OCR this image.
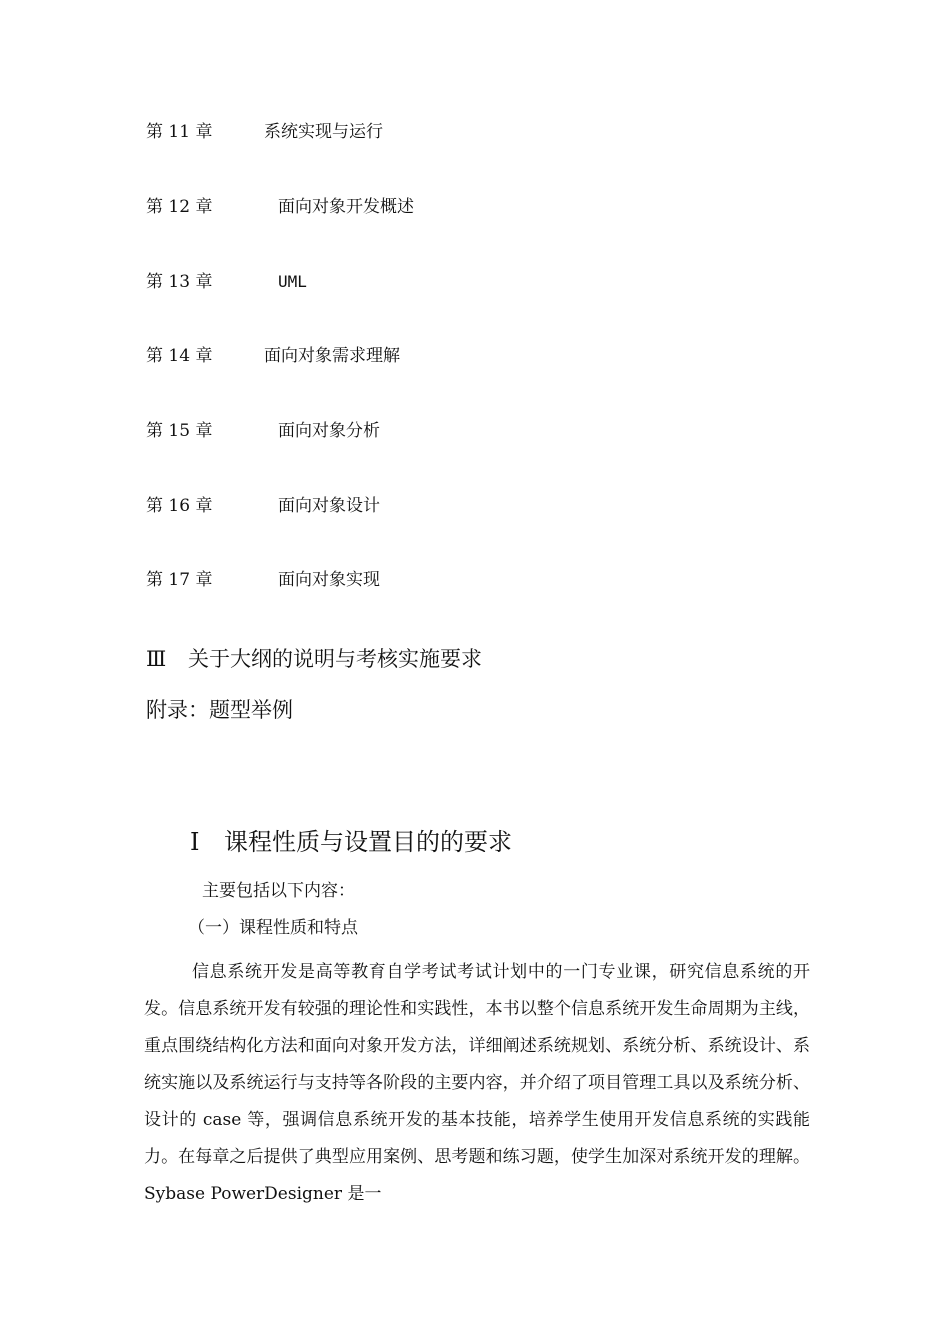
第 11 章	系统实现与运行
第 12 章	面向对象开发概述
第 13 章	UML
第 14 章	面向对象需求理解
第 15 章	面向对象分析
第 16 章	面向对象设计
第 17 章	面向对象实现
Ⅲ 关于大纲的说明与考核实施要求
附录：题型举例
Ⅰ 课程性质与设置目的的要求
主要包括以下内容：
（一）课程性质和特点

信息系统开发是高等教育自学考试考试计划中的一门专业课，研究信息系统的开发。信息系统开发有较强的理论性和实践性，本书以整个信息系统开发生命周期为主线，重点围绕结构化方法和面向对象开发方法，详细阐述系统规划、系统分析、系统设计、系统实施以及系统运行与支持等各阶段的主要内容，并介绍了项目管理工具以及系统分析、设计的 case 等，强调信息系统开发的基本技能，培养学生使用开发信息系统的实践能力。在每章之后提供了典型应用案例、思考题和练习题，使学生加深对系统开发的理解。Sybase PowerDesigner 是一
